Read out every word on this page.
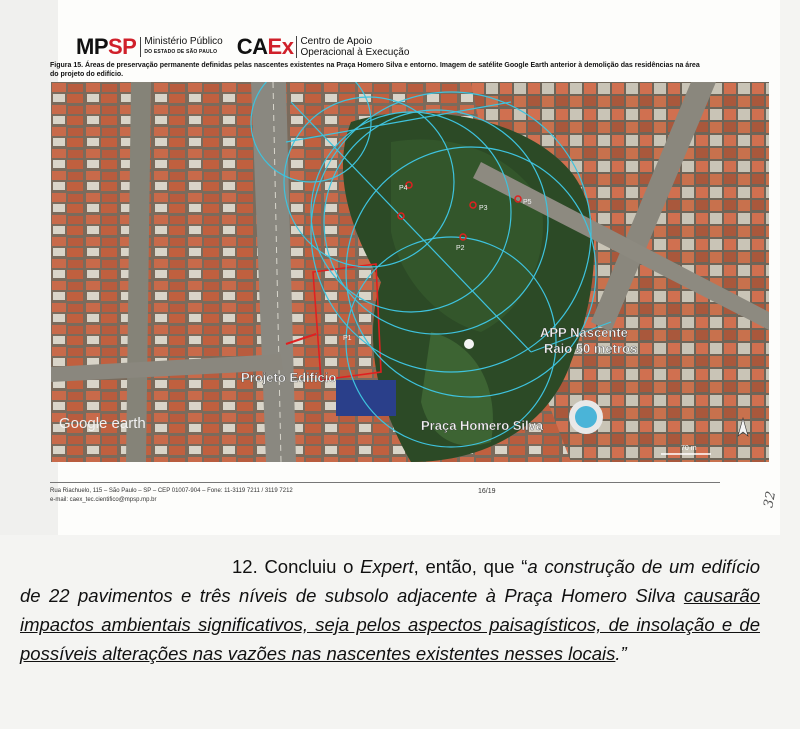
MP SP Ministério Público
DO ESTADO DE SÃO PAULO CAEx Centro de Apoio
Operacional à Execução
Figura 15. Áreas de preservação permanente definidas pelas nascentes existentes na Praça Homero Silva e entorno. Imagem de satélite Google Earth anterior à demolição das residências na área do projeto do edifício.
P4
P2
P3
P1
P5
APP Nascente
Raio 50 metros
Projeto Edifício
Praça Homero Silva
Google earth
70 m
Rua Riachuelo, 115 – São Paulo – SP – CEP 01007-904 – Fone: 11-3119 7211 / 3119 7212
e-mail: caex_tec.cientifico@mpsp.mp.br
16/19	32
12. Concluiu o Expert, então, que “a construção de um edifício de 22 pavimentos e três níveis de subsolo adjacente à Praça Homero Silva causarão impactos ambientais significativos, seja pelos aspectos paisagísticos, de insolação e de possíveis alterações nas vazões nas nascentes existentes nesses locais.”
